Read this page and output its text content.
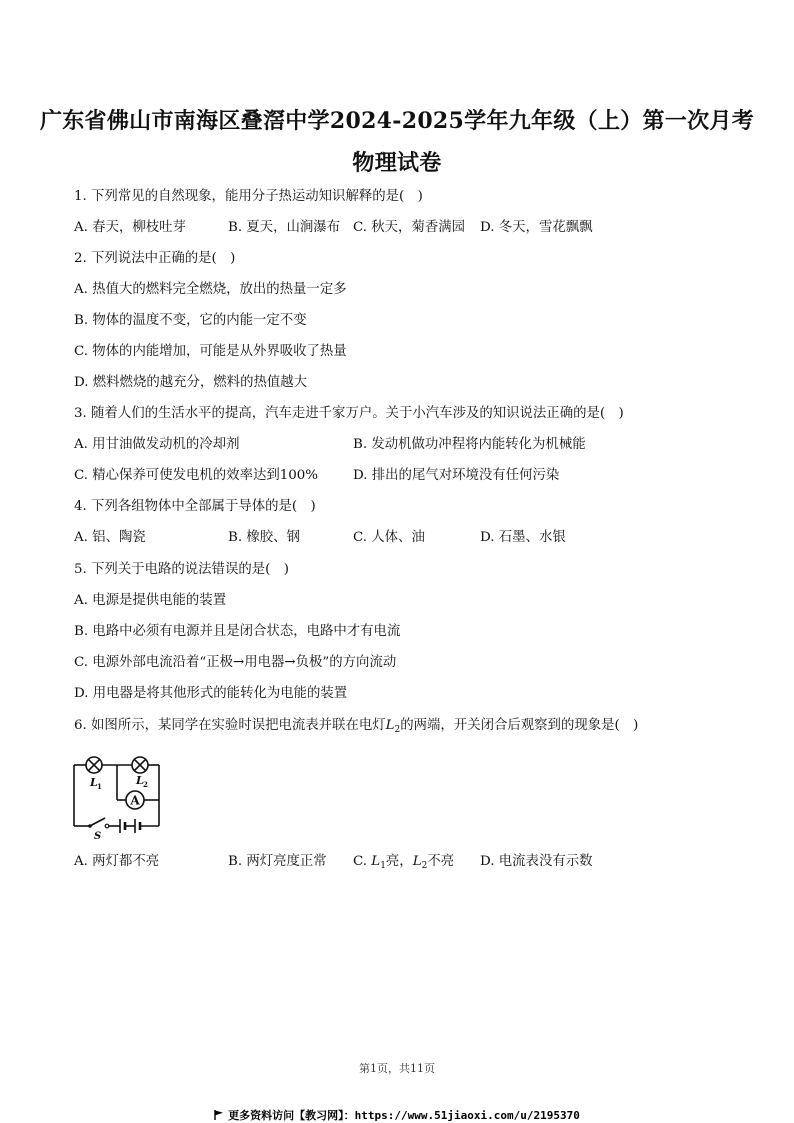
广东省佛山市南海区叠滘中学2024-2025学年九年级（上）第一次月考
物理试卷
1. 下列常见的自然现象，能用分子热运动知识解释的是(　)
A. 春天，柳枝吐芽	B. 夏天，山涧瀑布 C. 秋天，菊香满园 D. 冬天，雪花飘飘
2. 下列说法中正确的是(　)
A. 热值大的燃料完全燃烧，放出的热量一定多
B. 物体的温度不变，它的内能一定不变
C. 物体的内能增加，可能是从外界吸收了热量
D. 燃料燃烧的越充分，燃料的热值越大
3. 随着人们的生活水平的提高，汽车走进千家万户。关于小汽车涉及的知识说法正确的是(　)
A. 用甘油做发动机的冷却剂	B. 发动机做功冲程将内能转化为机械能
C. 精心保养可使发电机的效率达到100%	D. 排出的尾气对环境没有任何污染
4. 下列各组物体中全部属于导体的是(　)
A. 铝、陶瓷	B. 橡胶、钢	C. 人体、油	D. 石墨、水银
5. 下列关于电路的说法错误的是(　)
A. 电源是提供电能的装置
B. 电路中必须有电源并且是闭合状态，电路中才有电流
C. 电源外部电流沿着“正极→用电器→负极”的方向流动
D. 用电器是将其他形式的能转化为电能的装置
6. 如图所示，某同学在实验时误把电流表并联在电灯$L_2$的两端，开关闭合后观察到的现象是(　)
A
L 1	L 2
S
A. 两灯都不亮	B. 两灯亮度正常 C. $L_1$亮，$L_2$不亮 D. 电流表没有示数
第1页，共11页
更多资料访问【教习网】：https://www.51jiaoxi.com/u/2195370
